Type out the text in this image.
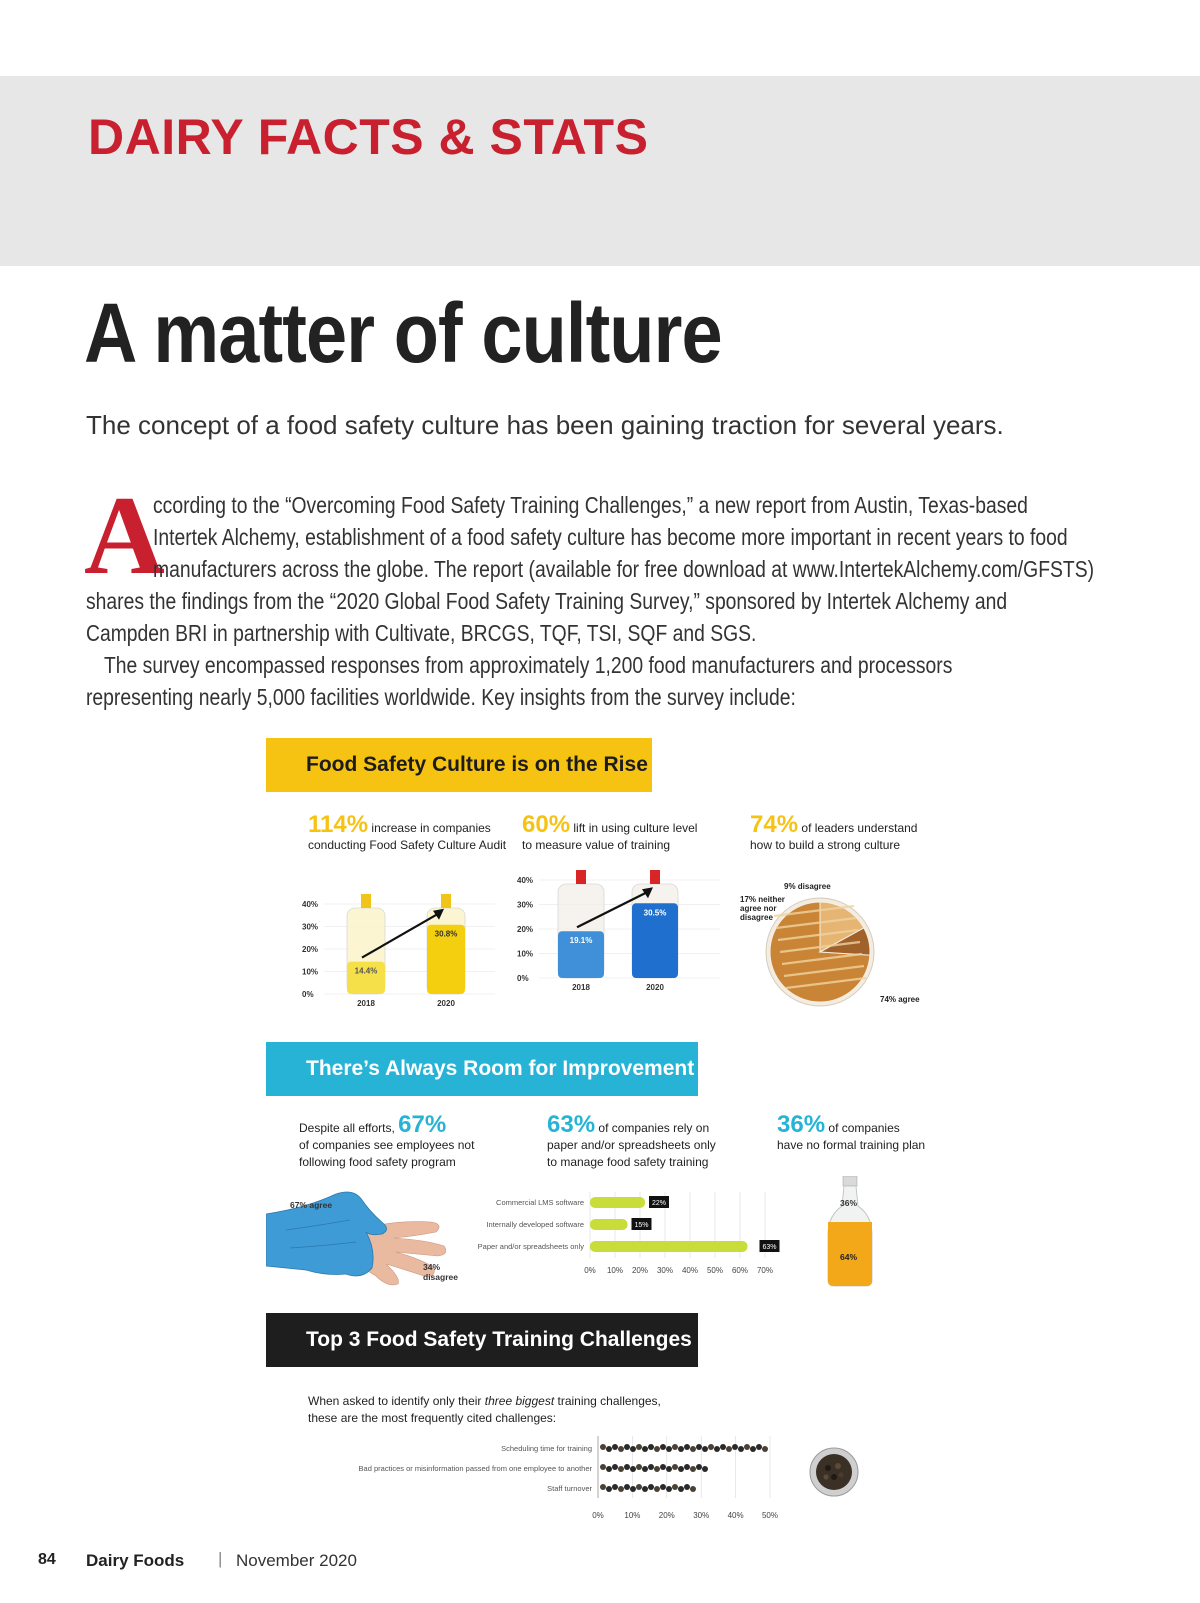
DAIRY FACTS & STATS
A matter of culture
The concept of a food safety culture has been gaining traction for several years.
A
ccording to the “Overcoming Food Safety Training Challenges,” a new report from Austin, Texas-based
Intertek Alchemy, establishment of a food safety culture has become more important in recent years to food
manufacturers across the globe. The report (available for free download at www.IntertekAlchemy.com/GFSTS)
shares the findings from the “2020 Global Food Safety Training Survey,” sponsored by Intertek Alchemy and
Campden BRI in partnership with Cultivate, BRCGS, TQF, TSI, SQF and SGS.
The survey encompassed responses from approximately 1,200 food manufacturers and processors
representing nearly 5,000 facilities worldwide. Key insights from the survey include:
Food Safety Culture is on the Rise
114% increase in companies
conducting Food Safety Culture Audit
60% lift in using culture level
to measure value of training
74% of leaders understand
how to build a strong culture
40%
30%
20%
10%
0%
14.4%
2018
30.8%
2020
40%
30%
20%
10%
0%
19.1%
2018
30.5%
2020
9% disagree
17% neither
agree nor
disagree
74% agree
There’s Always Room for Improvement
Despite all efforts, 67%
of companies see employees not
following food safety program
63% of companies rely on
paper and/or spreadsheets only
to manage food safety training
36% of companies
have no formal training plan
67% agree
34%
disagree
0% 10% 20% 30% 40% 50% 60% 70%
Commercial LMS software	22%
Internally developed software	15%
Paper and/or spreadsheets only	63%
36%
64%
Top 3 Food Safety Training Challenges
When asked to identify only their three biggest training challenges,
these are the most frequently cited challenges:
0%	10% 20% 30% 40% 50%
Scheduling time for training
Bad practices or misinformation passed from one employee to another
Staff turnover
84 Dairy Foods | November 2020
